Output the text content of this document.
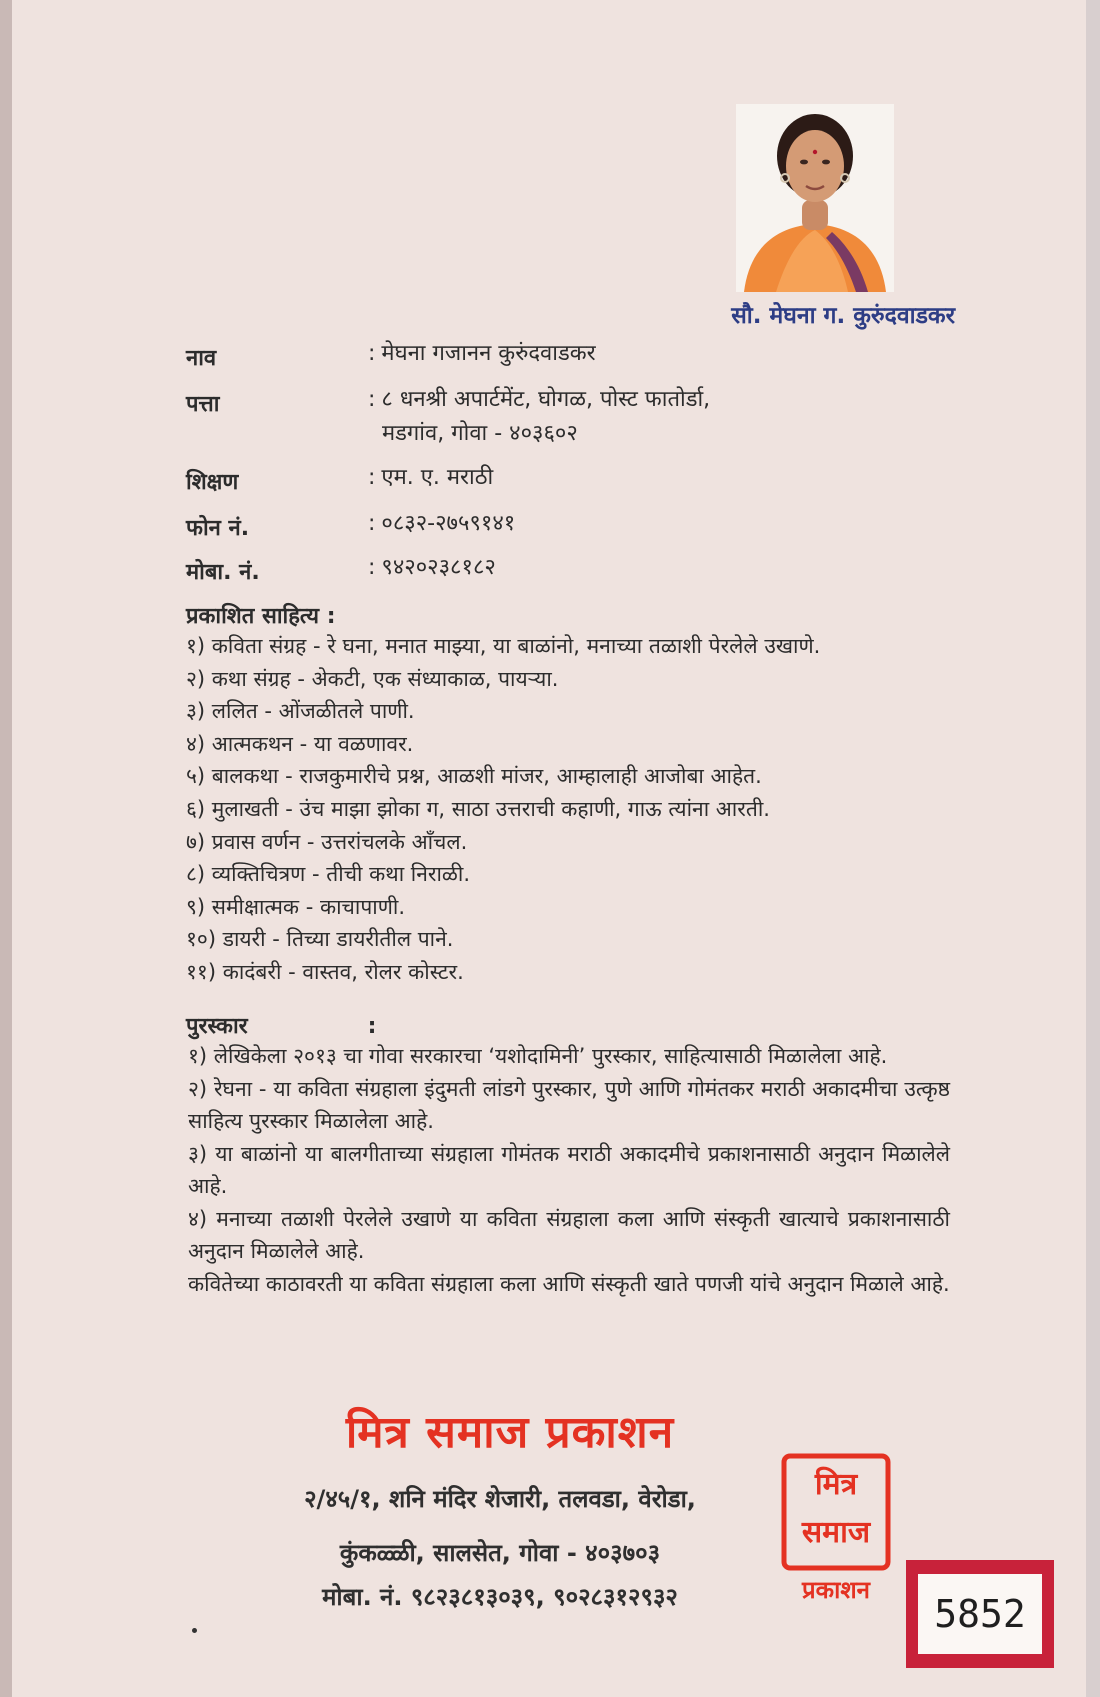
सौ. मेघना ग. कुरुंदवाडकर
नाव	: मेघना गजानन कुरुंदवाडकर
पत्ता	: ८ धनश्री अपार्टमेंट, घोगळ, पोस्ट फातोर्डा,
मडगांव, गोवा - ४०३६०२
शिक्षण	: एम. ए. मराठी
फोन नं.	: ०८३२-२७५९१४१
मोबा. नं.	: ९४२०२३८१८२
प्रकाशित साहित्य :
१) कविता संग्रह - रे घना, मनात माझ्या, या बाळांनो, मनाच्या तळाशी पेरलेले उखाणे.
२) कथा संग्रह - अेकटी, एक संध्याकाळ, पायऱ्या.
३) ललित - ओंजळीतले पाणी.
४) आत्मकथन - या वळणावर.
५) बालकथा - राजकुमारीचे प्रश्न, आळशी मांजर, आम्हालाही आजोबा आहेत.
६) मुलाखती - उंच माझा झोका ग, साठा उत्तराची कहाणी, गाऊ त्यांना आरती.
७) प्रवास वर्णन - उत्तरांचलके आँचल.
८) व्यक्तिचित्रण - तीची कथा निराळी.
९) समीक्षात्मक - काचापाणी.
१०) डायरी - तिच्या डायरीतील पाने.
११) कादंबरी - वास्तव, रोलर कोस्टर.
पुरस्कार	:

१) लेखिकेला २०१३ चा गोवा सरकारचा ‘यशोदामिनी’ पुरस्कार, साहित्यासाठी मिळालेला आहे.

२) रेघना - या कविता संग्रहाला इंदुमती लांडगे पुरस्कार, पुणे आणि गोमंतकर मराठी अकादमीचा उत्कृष्ठ साहित्य पुरस्कार मिळालेला आहे.

३) या बाळांनो या बालगीताच्या संग्रहाला गोमंतक मराठी अकादमीचे प्रकाशनासाठी अनुदान मिळालेले आहे.

४) मनाच्या तळाशी पेरलेले उखाणे या कविता संग्रहाला कला आणि संस्कृती खात्याचे प्रकाशनासाठी अनुदान मिळालेले आहे.

कवितेच्या काठावरती या कविता संग्रहाला कला आणि संस्कृती खाते पणजी यांचे अनुदान मिळाले आहे.

मित्र समाज प्रकाशन
२/४५/१, शनि मंदिर शेजारी, तलवडा, वेरोडा,
कुंकळ्ळी, सालसेत, गोवा - ४०३७०३
मोबा. नं. ९८२३८१३०३९, ९०२८३१२९३२
मित्र
समाज
प्रकाशन
5852
